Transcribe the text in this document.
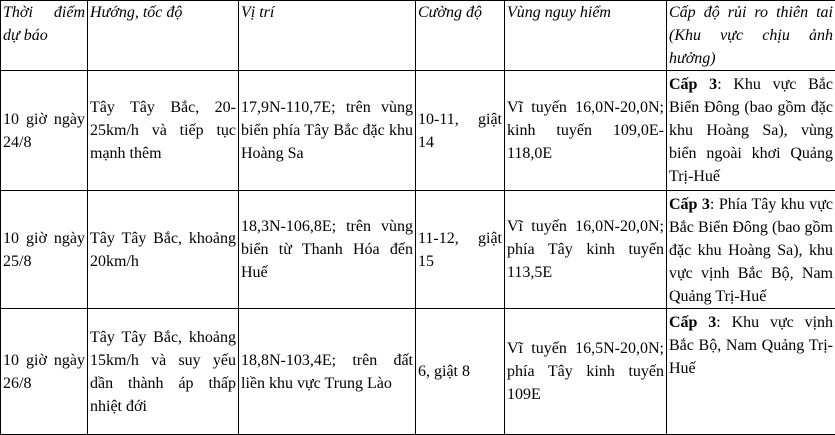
Thời điểm dự báo	Hướng, tốc độ	Vị trí	Cường độ	Vùng nguy hiểm	Cấp độ rủi ro thiên tai (Khu vực chịu ảnh hưởng)
10 giờ ngày 24/8	Tây Tây Bắc, 20-25km/h và tiếp tục mạnh thêm	17,9N-110,7E; trên vùng biển phía Tây Bắc đặc khu Hoàng Sa	10-11, giật 14	Vĩ tuyến 16,0N-20,0N; kinh tuyến 109,0E-118,0E	Cấp 3: Khu vực Bắc Biển Đông (bao gồm đặc khu Hoàng Sa), vùng biển ngoài khơi Quảng Trị-Huế
10 giờ ngày 25/8	Tây Tây Bắc, khoảng 20km/h	18,3N-106,8E; trên vùng biển từ Thanh Hóa đến Huế	11-12, giật 15	Vĩ tuyến 16,0N-20,0N; phía Tây kinh tuyến 113,5E	Cấp 3: Phía Tây khu vực Bắc Biển Đông (bao gồm đặc khu Hoàng Sa), khu vực vịnh Bắc Bộ, Nam Quảng Trị-Huế
10 giờ ngày 26/8	Tây Tây Bắc, khoảng 15km/h và suy yếu dần thành áp thấp nhiệt đới	18,8N-103,4E; trên đất liền khu vực Trung Lào	6, giật 8	Vĩ tuyến 16,5N-20,0N; phía Tây kinh tuyến 109E	Cấp 3: Khu vực vịnh Bắc Bộ, Nam Quảng Trị-Huế
